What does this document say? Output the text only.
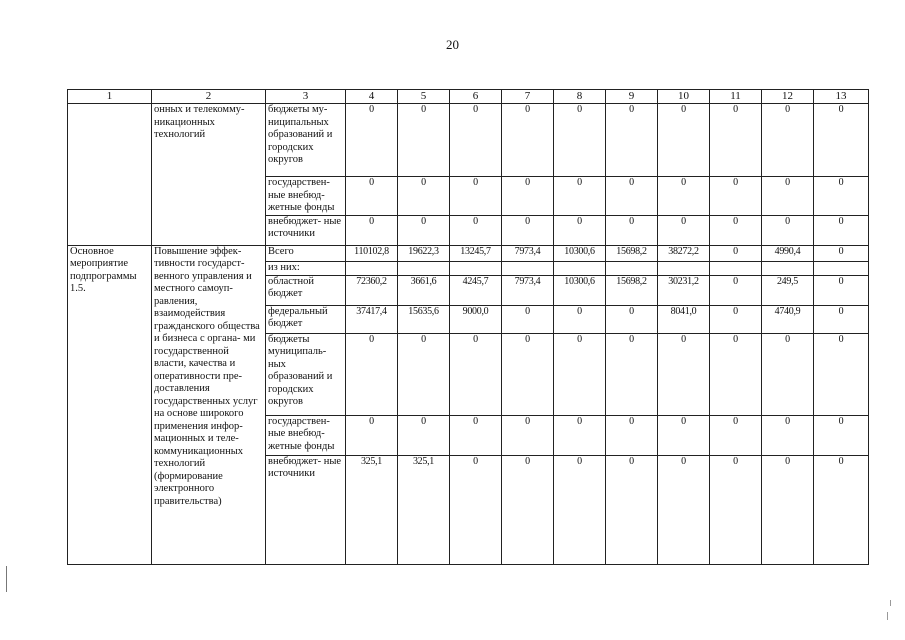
20
1	2	3	4	5	6	7	8	9	10	11	12	13
	онных и телекомму- никационных технологий	бюджеты му- ниципальных образований и городских округов	0	0	0	0	0	0	0	0	0	0
		государствен- ные внебюд- жетные фонды	0	0	0	0	0	0	0	0	0	0
		внебюджет- ные источники	0	0	0	0	0	0	0	0	0	0
Основное мероприятие подпрограммы 1.5.	Повышение эффек- тивности государст- венного управления и местного самоуп- равления, взаимодействия гражданского общества и бизнеса с органа- ми государственной власти, качества и оперативности пре- доставления государственных услуг на основе широкого применения инфор- мационных и теле- коммуникационных технологий (формирование электронного правительства)	Всего	110102,8	19622,3	13245,7	7973,4	10300,6	15698,2	38272,2	0	4990,4	0
		из них:										
		областной бюджет	72360,2	3661,6	4245,7	7973,4	10300,6	15698,2	30231,2	0	249,5	0
		федеральный бюджет	37417,4	15635,6	9000,0	0	0	0	8041,0	0	4740,9	0
		бюджеты муниципаль- ных образований и городских округов	0	0	0	0	0	0	0	0	0	0
		государствен- ные внебюд- жетные фонды	0	0	0	0	0	0	0	0	0	0
		внебюджет- ные источники	325,1	325,1	0	0	0	0	0	0	0	0
